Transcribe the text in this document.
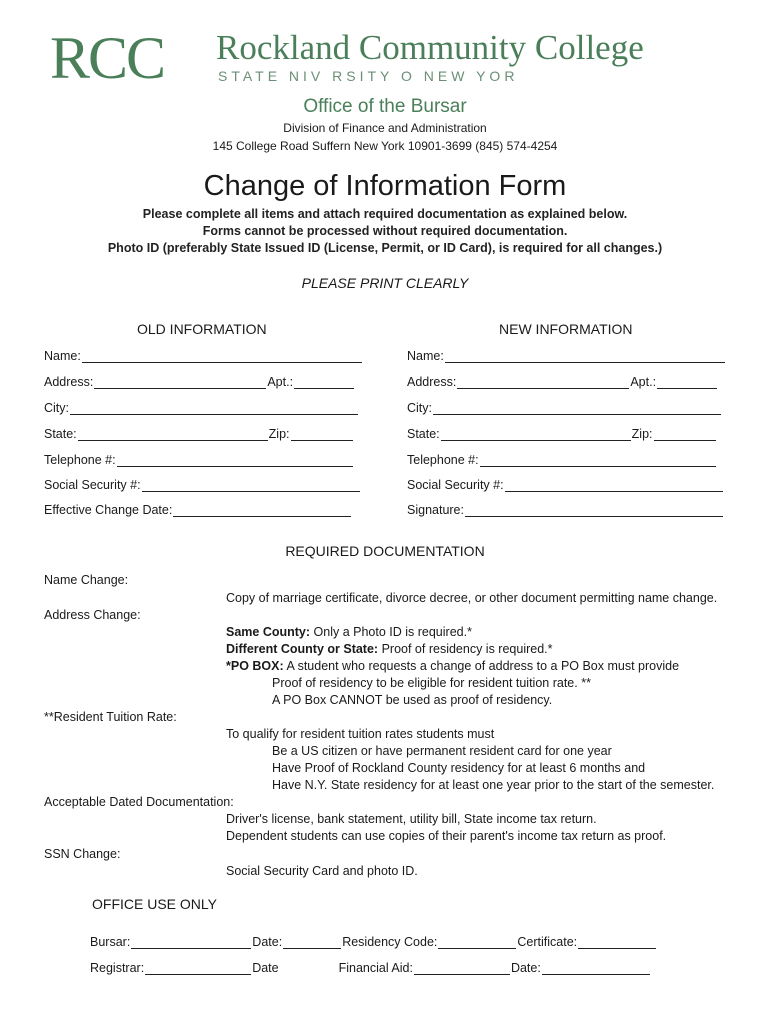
RCC Rockland Community College
STATE NIV RSITY O NEW YOR
Office of the Bursar
Division of Finance and Administration
145 College Road Suffern New York 10901-3699 (845) 574-4254
Change of Information Form
Please complete all items and attach required documentation as explained below.
Forms cannot be processed without required documentation.
Photo ID (preferably State Issued ID (License, Permit, or ID Card), is required for all changes.)
PLEASE PRINT CLEARLY
OLD INFORMATION
Name:
Address:	Apt.:
City:
State:	Zip:
Telephone #:
Social Security #:
Effective Change Date:
NEW INFORMATION
Name:
Address:	Apt.:
City:
State:	Zip:
Telephone #:
Social Security #:
Signature:
REQUIRED DOCUMENTATION
Name Change:
Copy of marriage certificate, divorce decree, or other document permitting name change.
Address Change:
Same County: Only a Photo ID is required.*
Different County or State: Proof of residency is required.*
*PO BOX: A student who requests a change of address to a PO Box must provide
Proof of residency to be eligible for resident tuition rate. **
A PO Box CANNOT be used as proof of residency.
**Resident Tuition Rate:
To qualify for resident tuition rates students must
Be a US citizen or have permanent resident card for one year
Have Proof of Rockland County residency for at least 6 months and
Have N.Y. State residency for at least one year prior to the start of the semester.
Acceptable Dated Documentation:
Driver's license, bank statement, utility bill, State income tax return.
Dependent students can use copies of their parent's income tax return as proof.
SSN Change:
Social Security Card and photo ID.
OFFICE USE ONLY
Bursar:	Date:	Residency Code:	Certificate:
Registrar:	Date	Financial Aid:	Date:
